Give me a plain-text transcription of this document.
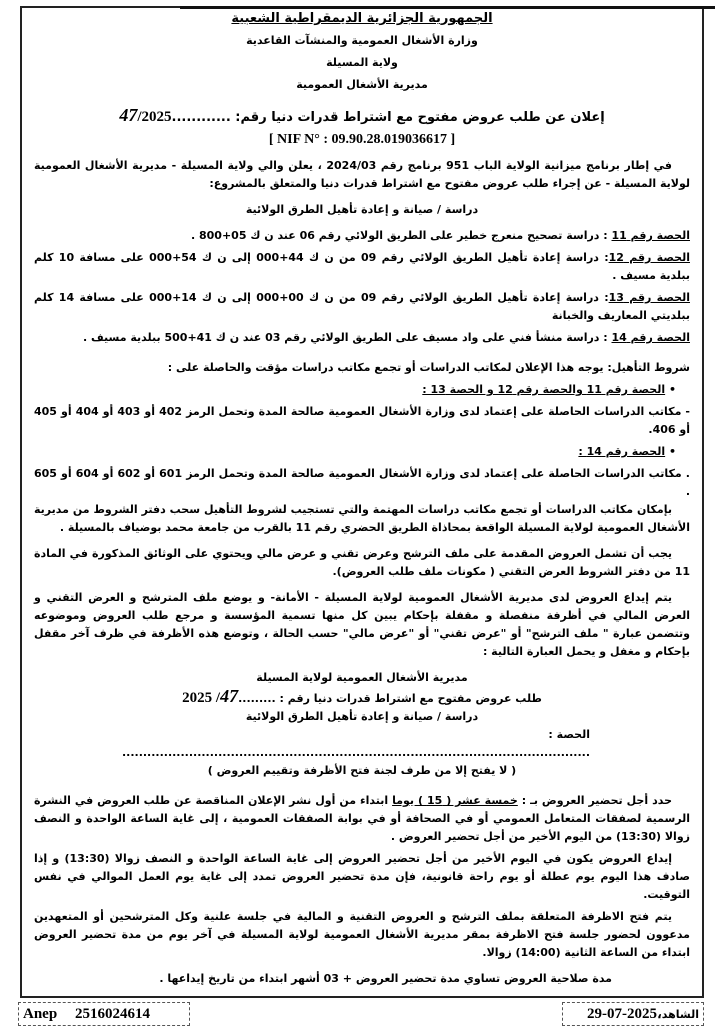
الجمهورية الجزائرية الديمقراطية الشعبية
وزارة الأشغال العمومية والمنشآت القاعدية
ولاية المسيلة
مديرية الأشغال العمومية
إعلان عن طلب عروض مفتوح مع اشتراط قدرات دنيا رقم: ............47/2025
[ NIF N° : 09.90.28.019036617 ]
في إطار برنامج ميزانية الولاية الباب 951 برنامج رقم 2024/03 ، يعلن والي ولاية المسيلة - مديرية الأشغال العمومية لولاية المسيلة - عن إجراء طلب عروض مفتوح مع اشتراط قدرات دنيا والمتعلق بالمشروع:
دراسة / صيانة و إعادة تأهيل الطرق الولائية
الحصة رقم 11 : دراسة تصحيح منعرج خطير على الطريق الولائي رقم 06 عند ن ك 05+800 .
الحصة رقم 12: دراسة إعادة تأهيل الطريق الولائي رقم 09 من ن ك 44+000 إلى ن ك 54+000 على مسافة 10 كلم ببلدية مسيف .
الحصة رقم 13: دراسة إعادة تأهيل الطريق الولائي رقم 09 من ن ك 00+000 إلى ن ك 14+000 على مسافة 14 كلم ببلديتي المعاريف والخبانة
الحصة رقم 14 : دراسة منشأ فني على واد مسيف على الطريق الولائي رقم 03 عند ن ك 41+500 ببلدية مسيف .
شروط التأهيل: يوجه هذا الإعلان لمكاتب الدراسات أو تجمع مكاتب دراسات مؤقت والحاصلة على :
• الحصة رقم 11 والحصة رقم 12 و الحصة 13 :
- مكاتب الدراسات الحاصلة على إعتماد لدى وزارة الأشغال العمومية صالحة المدة وتحمل الرمز 402 أو 403 أو 404 أو 405 أو 406.
• الحصة رقم 14 :
. مكاتب الدراسات الحاصلة على إعتماد لدى وزارة الأشغال العمومية صالحة المدة وتحمل الرمز 601 أو 602 أو 604 أو 605 .
بإمكان مكاتب الدراسات أو تجمع مكاتب دراسات المهتمة والتي تستجيب لشروط التأهيل سحب دفتر الشروط من مديرية الأشغال العمومية لولاية المسيلة الواقعة بمحاذاة الطريق الحضري رقم 11 بالقرب من جامعة محمد بوضياف بالمسيلة .
يجب أن تشمل العروض المقدمة على ملف الترشح وعرض تقني و عرض مالي ويحتوي على الوثائق المذكورة في المادة 11 من دفتر الشروط العرض التقني ( مكونات ملف طلب العروض).
يتم إيداع العروض لدى مديرية الأشغال العمومية لولاية المسيلة - الأمانة- و يوضع ملف المترشح و العرض التقني و العرض المالي في أظرفة منفصلة و مقفلة بإحكام يبين كل منها تسمية المؤسسة و مرجع طلب العروض وموضوعه وتتضمن عبارة " ملف الترشح" أو "عرض تقني" أو "عرض مالي" حسب الحالة ، وتوضع هذه الأظرفة في ظرف آخر مقفل بإحكام و مغفل و يحمل العبارة التالية :
مديرية الأشغال العمومية لولاية المسيلة
طلب عروض مفتوح مع اشتراط قدرات دنيا رقم : .........47/ 2025
دراسة / صيانة و إعادة تأهيل الطرق الولائية
الحصة : ................................................................................................................
( لا يفتح إلا من طرف لجنة فتح الأظرفة وتقييم العروض )
حدد أجل تحضير العروض بـ : خمسة عشر ( 15 ) يوما ابتداء من أول نشر الإعلان المناقصة عن طلب العروض في النشرة الرسمية لصفقات المتعامل العمومي أو في الصحافة أو في بوابة الصفقات العمومية ، إلى غاية الساعة الواحدة و النصف زوالا (13:30) من اليوم الأخير من أجل تحضير العروض .
إيداع العروض يكون في اليوم الأخير من أجل تحضير العروض إلى غاية الساعة الواحدة و النصف زوالا (13:30) و إذا صادف هذا اليوم يوم عطلة أو يوم راحة قانونية، فإن مدة تحضير العروض تمدد إلى غاية يوم العمل الموالي في نفس التوقيت.
يتم فتح الاظرفة المتعلقة بملف الترشح و العروض التقنية و المالية في جلسة علنية وكل المترشحين أو المتعهدين مدعوون لحضور جلسة فتح الاظرفة بمقر مديرية الأشغال العمومية لولاية المسيلة في آخر يوم من مدة تحضير العروض ابتداء من الساعة الثانية (14:00) زوالا.
مدة صلاحية العروض تساوي مدة تحضير العروض + 03 أشهر ابتداء من تاريخ إيداعها .
Anep 2516024614	الشاهد،2025-07-29
